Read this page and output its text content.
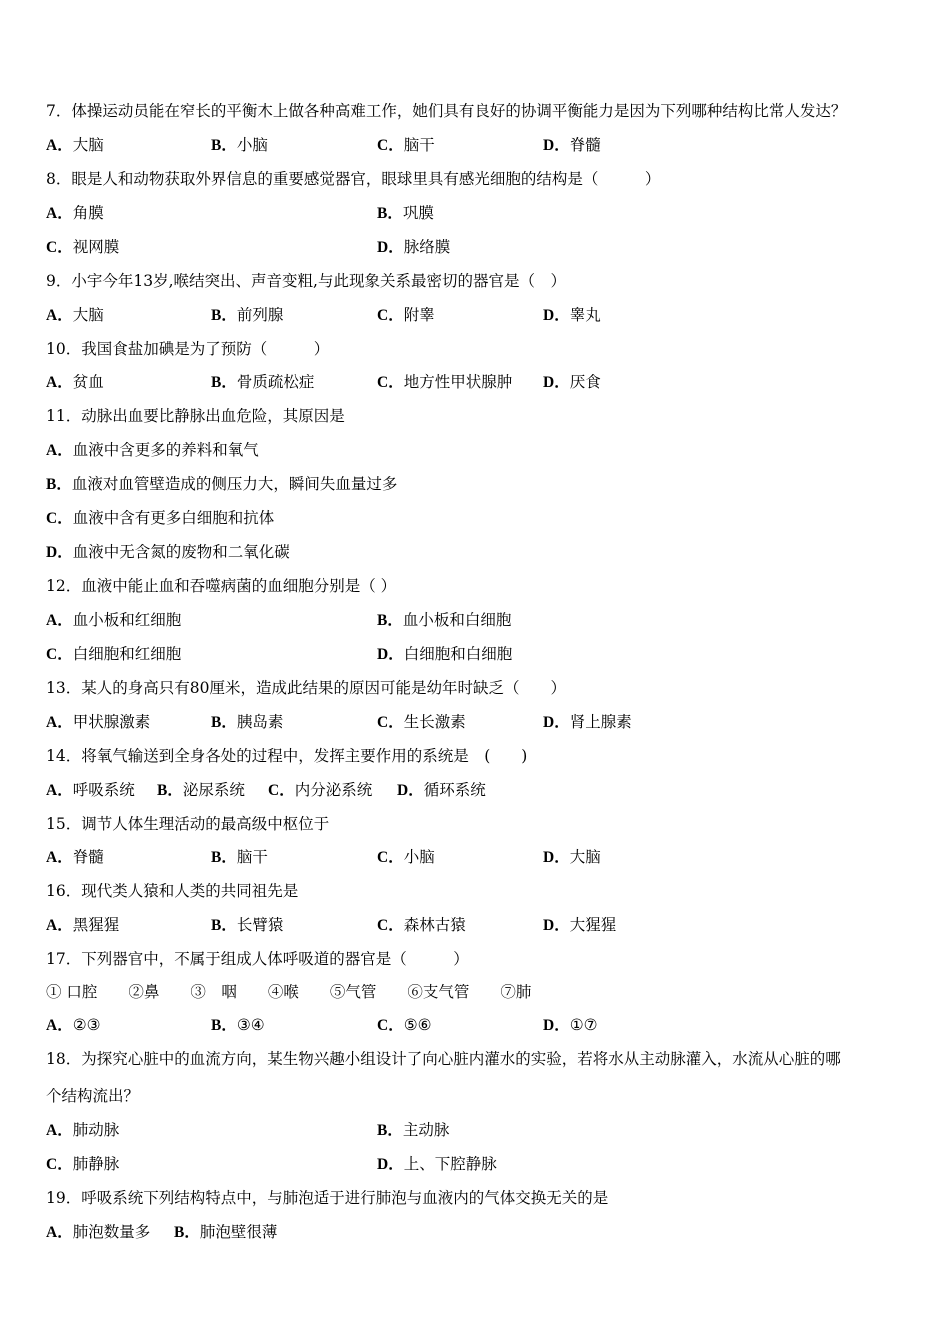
7．体操运动员能在窄长的平衡木上做各种高难工作，她们具有良好的协调平衡能力是因为下列哪种结构比常人发达？
A．大脑	B．小脑	C．脑干	D．脊髓
8．眼是人和动物获取外界信息的重要感觉器官，眼球里具有感光细胞的结构是（　　　）
A．角膜	B．巩膜
C．视网膜	D．脉络膜
9．小宇今年13岁,喉结突出、声音变粗,与此现象关系最密切的器官是（　）
A．大脑	B．前列腺	C．附睾	D．睾丸
10．我国食盐加碘是为了预防（　　　）
A．贫血	B．骨质疏松症	C．地方性甲状腺肿 D．厌食
11．动脉出血要比静脉出血危险，其原因是
A．血液中含更多的养料和氧气
B．血液对血管壁造成的侧压力大，瞬间失血量过多
C．血液中含有更多白细胞和抗体
D．血液中无含氮的废物和二氧化碳
12．血液中能止血和吞噬病菌的血细胞分别是（ ）
A．血小板和红细胞	B．血小板和白细胞
C．白细胞和红细胞	D．白细胞和白细胞
13．某人的身高只有80厘米，造成此结果的原因可能是幼年时缺乏（　　）
A．甲状腺激素	B．胰岛素	C．生长激素	D．肾上腺素
14．将氧气输送到全身各处的过程中，发挥主要作用的系统是　(　　)
A．呼吸系统 B．泌尿系统 C．内分泌系统 D．循环系统
15．调节人体生理活动的最高级中枢位于
A．脊髓	B．脑干	C．小脑	D．大脑
16．现代类人猿和人类的共同祖先是
A．黑猩猩	B．长臂猿	C．森林古猿	D．大猩猩
17．下列器官中，不属于组成人体呼吸道的器官是（　　　）
① 口腔　　②鼻　　③　咽　　④喉　　⑤气管　　⑥支气管　　⑦肺
A．②③	B．③④	C．⑤⑥	D．①⑦
18．为探究心脏中的血流方向，某生物兴趣小组设计了向心脏内灌水的实验，若将水从主动脉灌入，水流从心脏的哪
个结构流出？
A．肺动脉	B．主动脉
C．肺静脉	D．上、下腔静脉
19．呼吸系统下列结构特点中，与肺泡适于进行肺泡与血液内的气体交换无关的是
A．肺泡数量多 B．肺泡壁很薄
